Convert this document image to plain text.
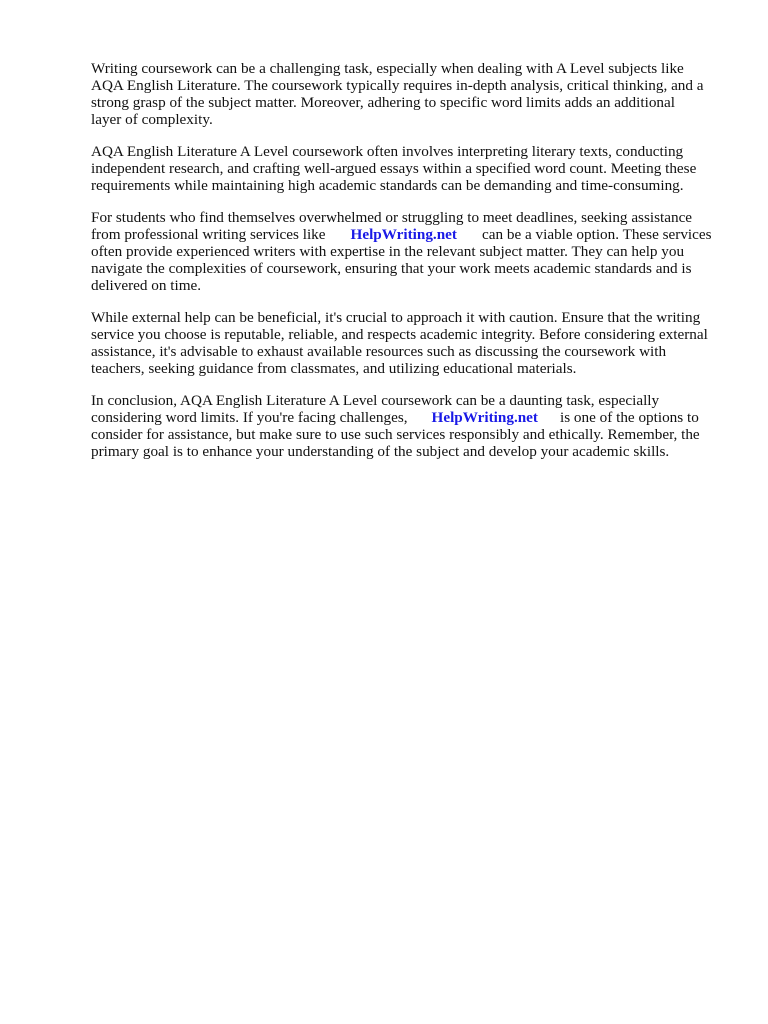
Writing coursework can be a challenging task, especially when dealing with A Level subjects like
AQA English Literature. The coursework typically requires in-depth analysis, critical thinking, and a
strong grasp of the subject matter. Moreover, adhering to specific word limits adds an additional
layer of complexity.

AQA English Literature A Level coursework often involves interpreting literary texts, conducting
independent research, and crafting well-argued essays within a specified word count. Meeting these
requirements while maintaining high academic standards can be demanding and time-consuming.

For students who find themselves overwhelmed or struggling to meet deadlines, seeking assistance
from professional writing services like HelpWriting.net can be a viable option. These services
often provide experienced writers with expertise in the relevant subject matter. They can help you
navigate the complexities of coursework, ensuring that your work meets academic standards and is
delivered on time.

While external help can be beneficial, it's crucial to approach it with caution. Ensure that the writing
service you choose is reputable, reliable, and respects academic integrity. Before considering external
assistance, it's advisable to exhaust available resources such as discussing the coursework with
teachers, seeking guidance from classmates, and utilizing educational materials.

In conclusion, AQA English Literature A Level coursework can be a daunting task, especially
considering word limits. If you're facing challenges, HelpWriting.net is one of the options to
consider for assistance, but make sure to use such services responsibly and ethically. Remember, the
primary goal is to enhance your understanding of the subject and develop your academic skills.
